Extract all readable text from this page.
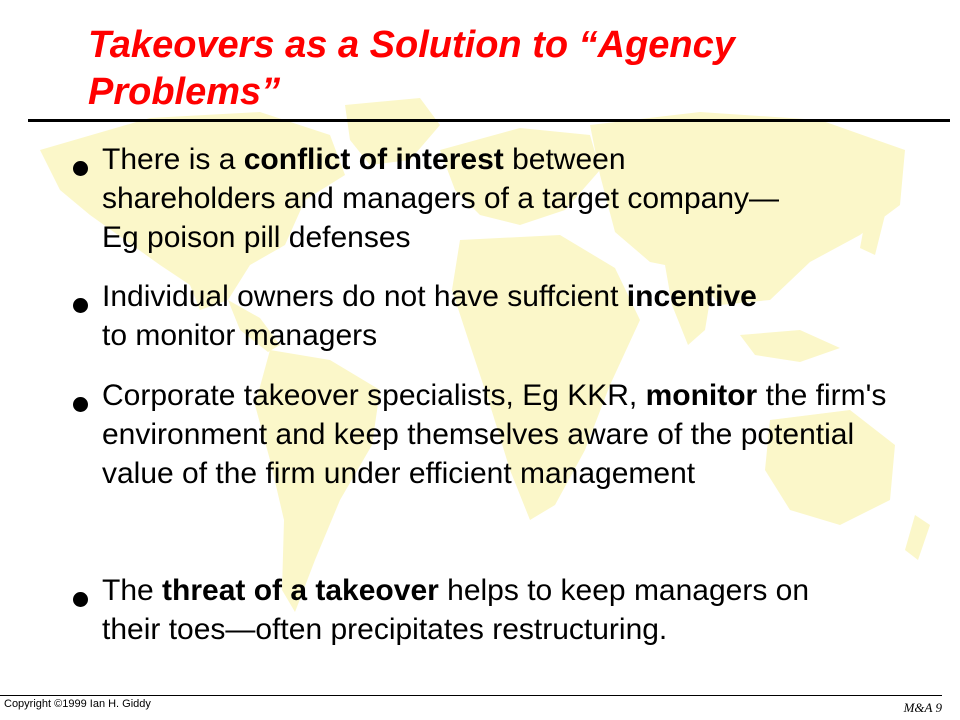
Takeovers as a Solution to “Agency Problems”

There is a conflict of interest between shareholders and managers of a target company—Eg poison pill defenses

Individual owners do not have suffcient incentive to monitor managers

Corporate takeover specialists, Eg KKR, monitor the firm's environment and keep themselves aware of the potential value of the firm under efficient management

The threat of a takeover helps to keep managers on their toes—often precipitates restructuring.

Copyright ©1999 Ian H. Giddy	M&A 9
